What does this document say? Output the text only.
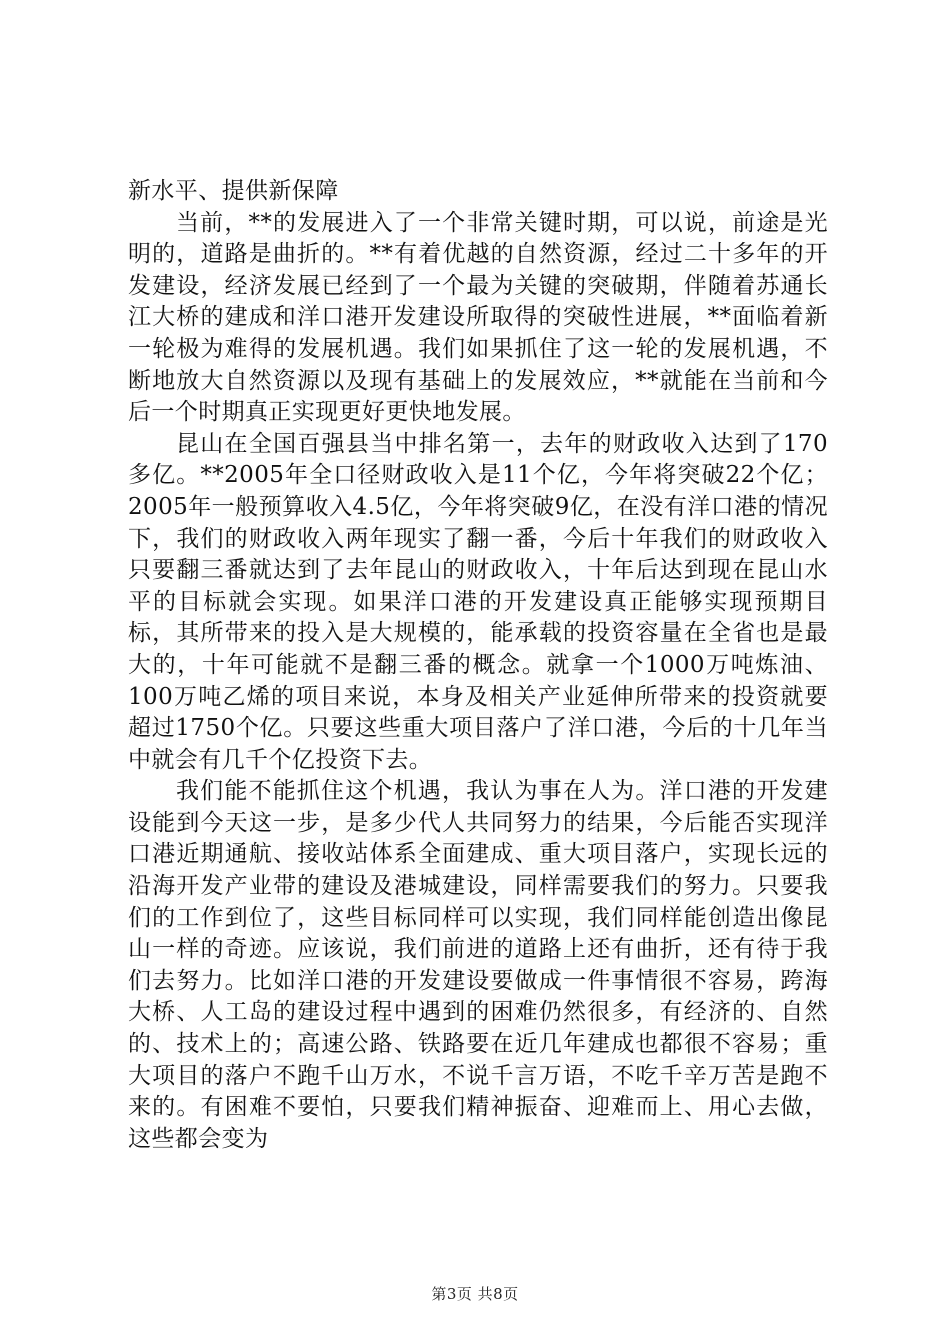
新水平、提供新保障

当前，**的发展进入了一个非常关键时期，可以说，前途是光明的，道路是曲折的。**有着优越的自然资源，经过二十多年的开发建设，经济发展已经到了一个最为关键的突破期，伴随着苏通长江大桥的建成和洋口港开发建设所取得的突破性进展，**面临着新一轮极为难得的发展机遇。我们如果抓住了这一轮的发展机遇，不断地放大自然资源以及现有基础上的发展效应，**就能在当前和今后一个时期真正实现更好更快地发展。

昆山在全国百强县当中排名第一，去年的财政收入达到了170多亿。**2005年全口径财政收入是11个亿，今年将突破22个亿；2005年一般预算收入4.5亿，今年将突破9亿，在没有洋口港的情况下，我们的财政收入两年现实了翻一番，今后十年我们的财政收入只要翻三番就达到了去年昆山的财政收入，十年后达到现在昆山水平的目标就会实现。如果洋口港的开发建设真正能够实现预期目标，其所带来的投入是大规模的，能承载的投资容量在全省也是最大的，十年可能就不是翻三番的概念。就拿一个1000万吨炼油、100万吨乙烯的项目来说，本身及相关产业延伸所带来的投资就要超过1750个亿。只要这些重大项目落户了洋口港，今后的十几年当中就会有几千个亿投资下去。

我们能不能抓住这个机遇，我认为事在人为。洋口港的开发建设能到今天这一步，是多少代人共同努力的结果，今后能否实现洋口港近期通航、接收站体系全面建成、重大项目落户，实现长远的沿海开发产业带的建设及港城建设，同样需要我们的努力。只要我们的工作到位了，这些目标同样可以实现，我们同样能创造出像昆山一样的奇迹。应该说，我们前进的道路上还有曲折，还有待于我们去努力。比如洋口港的开发建设要做成一件事情很不容易，跨海大桥、人工岛的建设过程中遇到的困难仍然很多，有经济的、自然的、技术上的；高速公路、铁路要在近几年建成也都很不容易；重大项目的落户不跑千山万水，不说千言万语，不吃千辛万苦是跑不来的。有困难不要怕，只要我们精神振奋、迎难而上、用心去做，这些都会变为

第3页 共8页
